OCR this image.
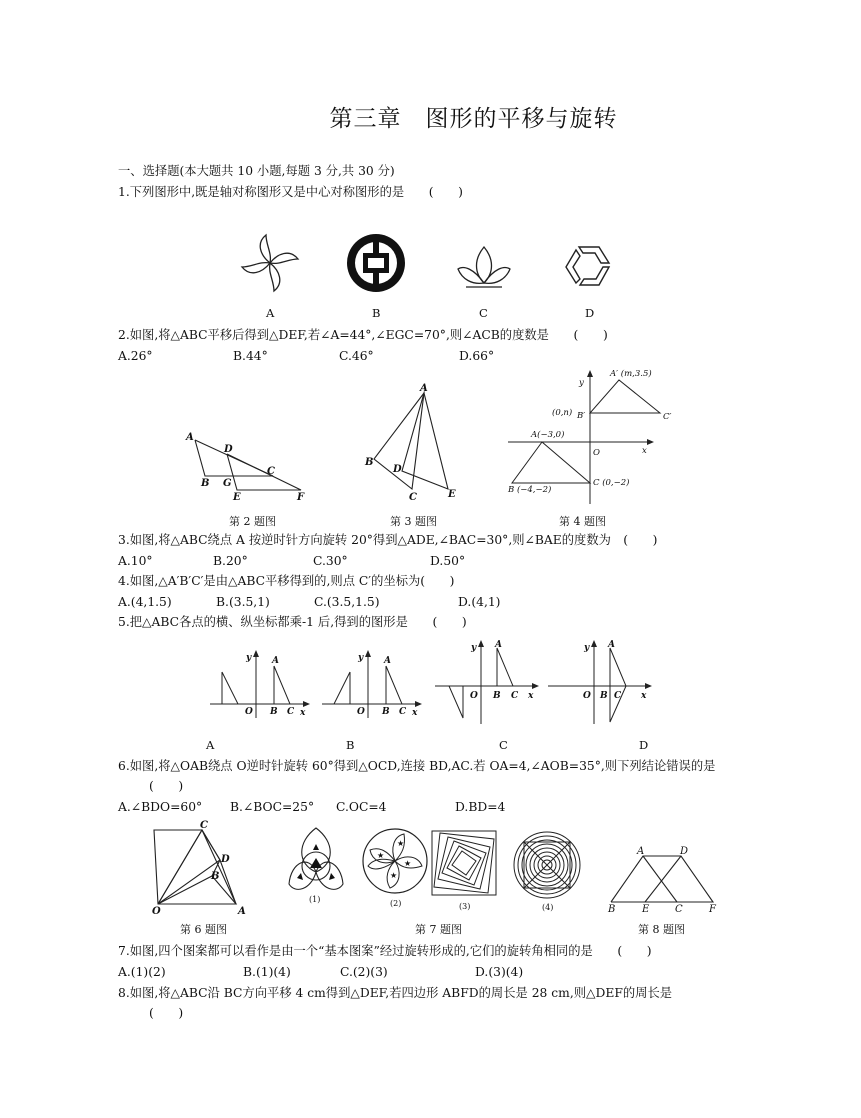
第三章　图形的平移与旋转
一、选择题(本大题共 10 小题,每题 3 分,共 30 分)
1.下列图形中,既是轴对称图形又是中心对称图形的是　　(　　)
A	B	C	D
2.如图,将△ABC平移后得到△DEF,若∠A=44°,∠EGC=70°,则∠ACB的度数是　　(　　)
A.26°	B.44°	C.46°	D.66°
A
D
C
B G
E	F
第 2 题图
A
B
D
C	E
第 3 题图
y
A′ (m,3.5)
(0,n) B′	C′
A(−3,0)
O	x
B (−4,−2)
C (0,−2)
第 4 题图
3.如图,将△ABC绕点 A 按逆时针方向旋转 20°得到△ADE,∠BAC=30°,则∠BAE的度数为　(　　)
A.10°	B.20°	C.30°	D.50°
4.如图,△A′B′C′是由△ABC平移得到的,则点 C′的坐标为(　　)
A.(4,1.5)	B.(3.5,1)	C.(3.5,1.5)	D.(4,1)
5.把△ABC各点的横、纵坐标都乘-1 后,得到的图形是　　(　　)
y A
O B C x
y A
O B C x
y A
O B C x
y A
O B C x
A	B	C	D
6.如图,将△OAB绕点 O逆时针旋转 60°得到△OCD,连接 BD,AC.若 OA=4,∠AOB=35°,则下列结论错误的是
(　　)
A.∠BDO=60° B.∠BOC=25° C.OC=4	D.BD=4
C
D
B
O	A
第 6 题图
(1)
★
★
★
★
(2)	(3)	(4)
第 7 题图
A	D
B	E	C	F
第 8 题图
7.如图,四个图案都可以看作是由一个“基本图案”经过旋转形成的,它们的旋转角相同的是　　(　　)
A.(1)(2)	B.(1)(4)	C.(2)(3)	D.(3)(4)
8.如图,将△ABC沿 BC方向平移 4 cm得到△DEF,若四边形 ABFD的周长是 28 cm,则△DEF的周长是
(　　)
